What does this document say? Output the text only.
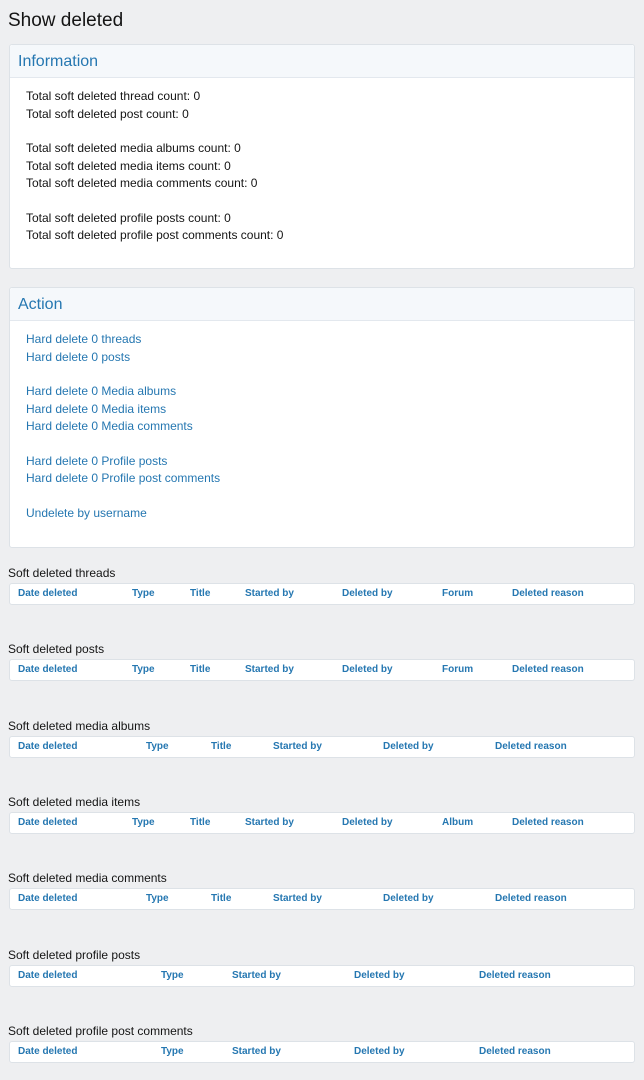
Show deleted
Information
Total soft deleted thread count: 0
Total soft deleted post count: 0
Total soft deleted media albums count: 0
Total soft deleted media items count: 0
Total soft deleted media comments count: 0
Total soft deleted profile posts count: 0
Total soft deleted profile post comments count: 0
Action
Hard delete 0 threads
Hard delete 0 posts
Hard delete 0 Media albums
Hard delete 0 Media items
Hard delete 0 Media comments
Hard delete 0 Profile posts
Hard delete 0 Profile post comments
Undelete by username
Soft deleted threads
Date deleted	Type	Title	Started by	Deleted by	Forum	Deleted reason
Soft deleted posts
Date deleted	Type	Title	Started by	Deleted by	Forum	Deleted reason
Soft deleted media albums
Date deleted	Type	Title	Started by	Deleted by	Deleted reason
Soft deleted media items
Date deleted	Type	Title	Started by	Deleted by	Album	Deleted reason
Soft deleted media comments
Date deleted	Type	Title	Started by	Deleted by	Deleted reason
Soft deleted profile posts
Date deleted	Type	Started by	Deleted by	Deleted reason
Soft deleted profile post comments
Date deleted	Type	Started by	Deleted by	Deleted reason
